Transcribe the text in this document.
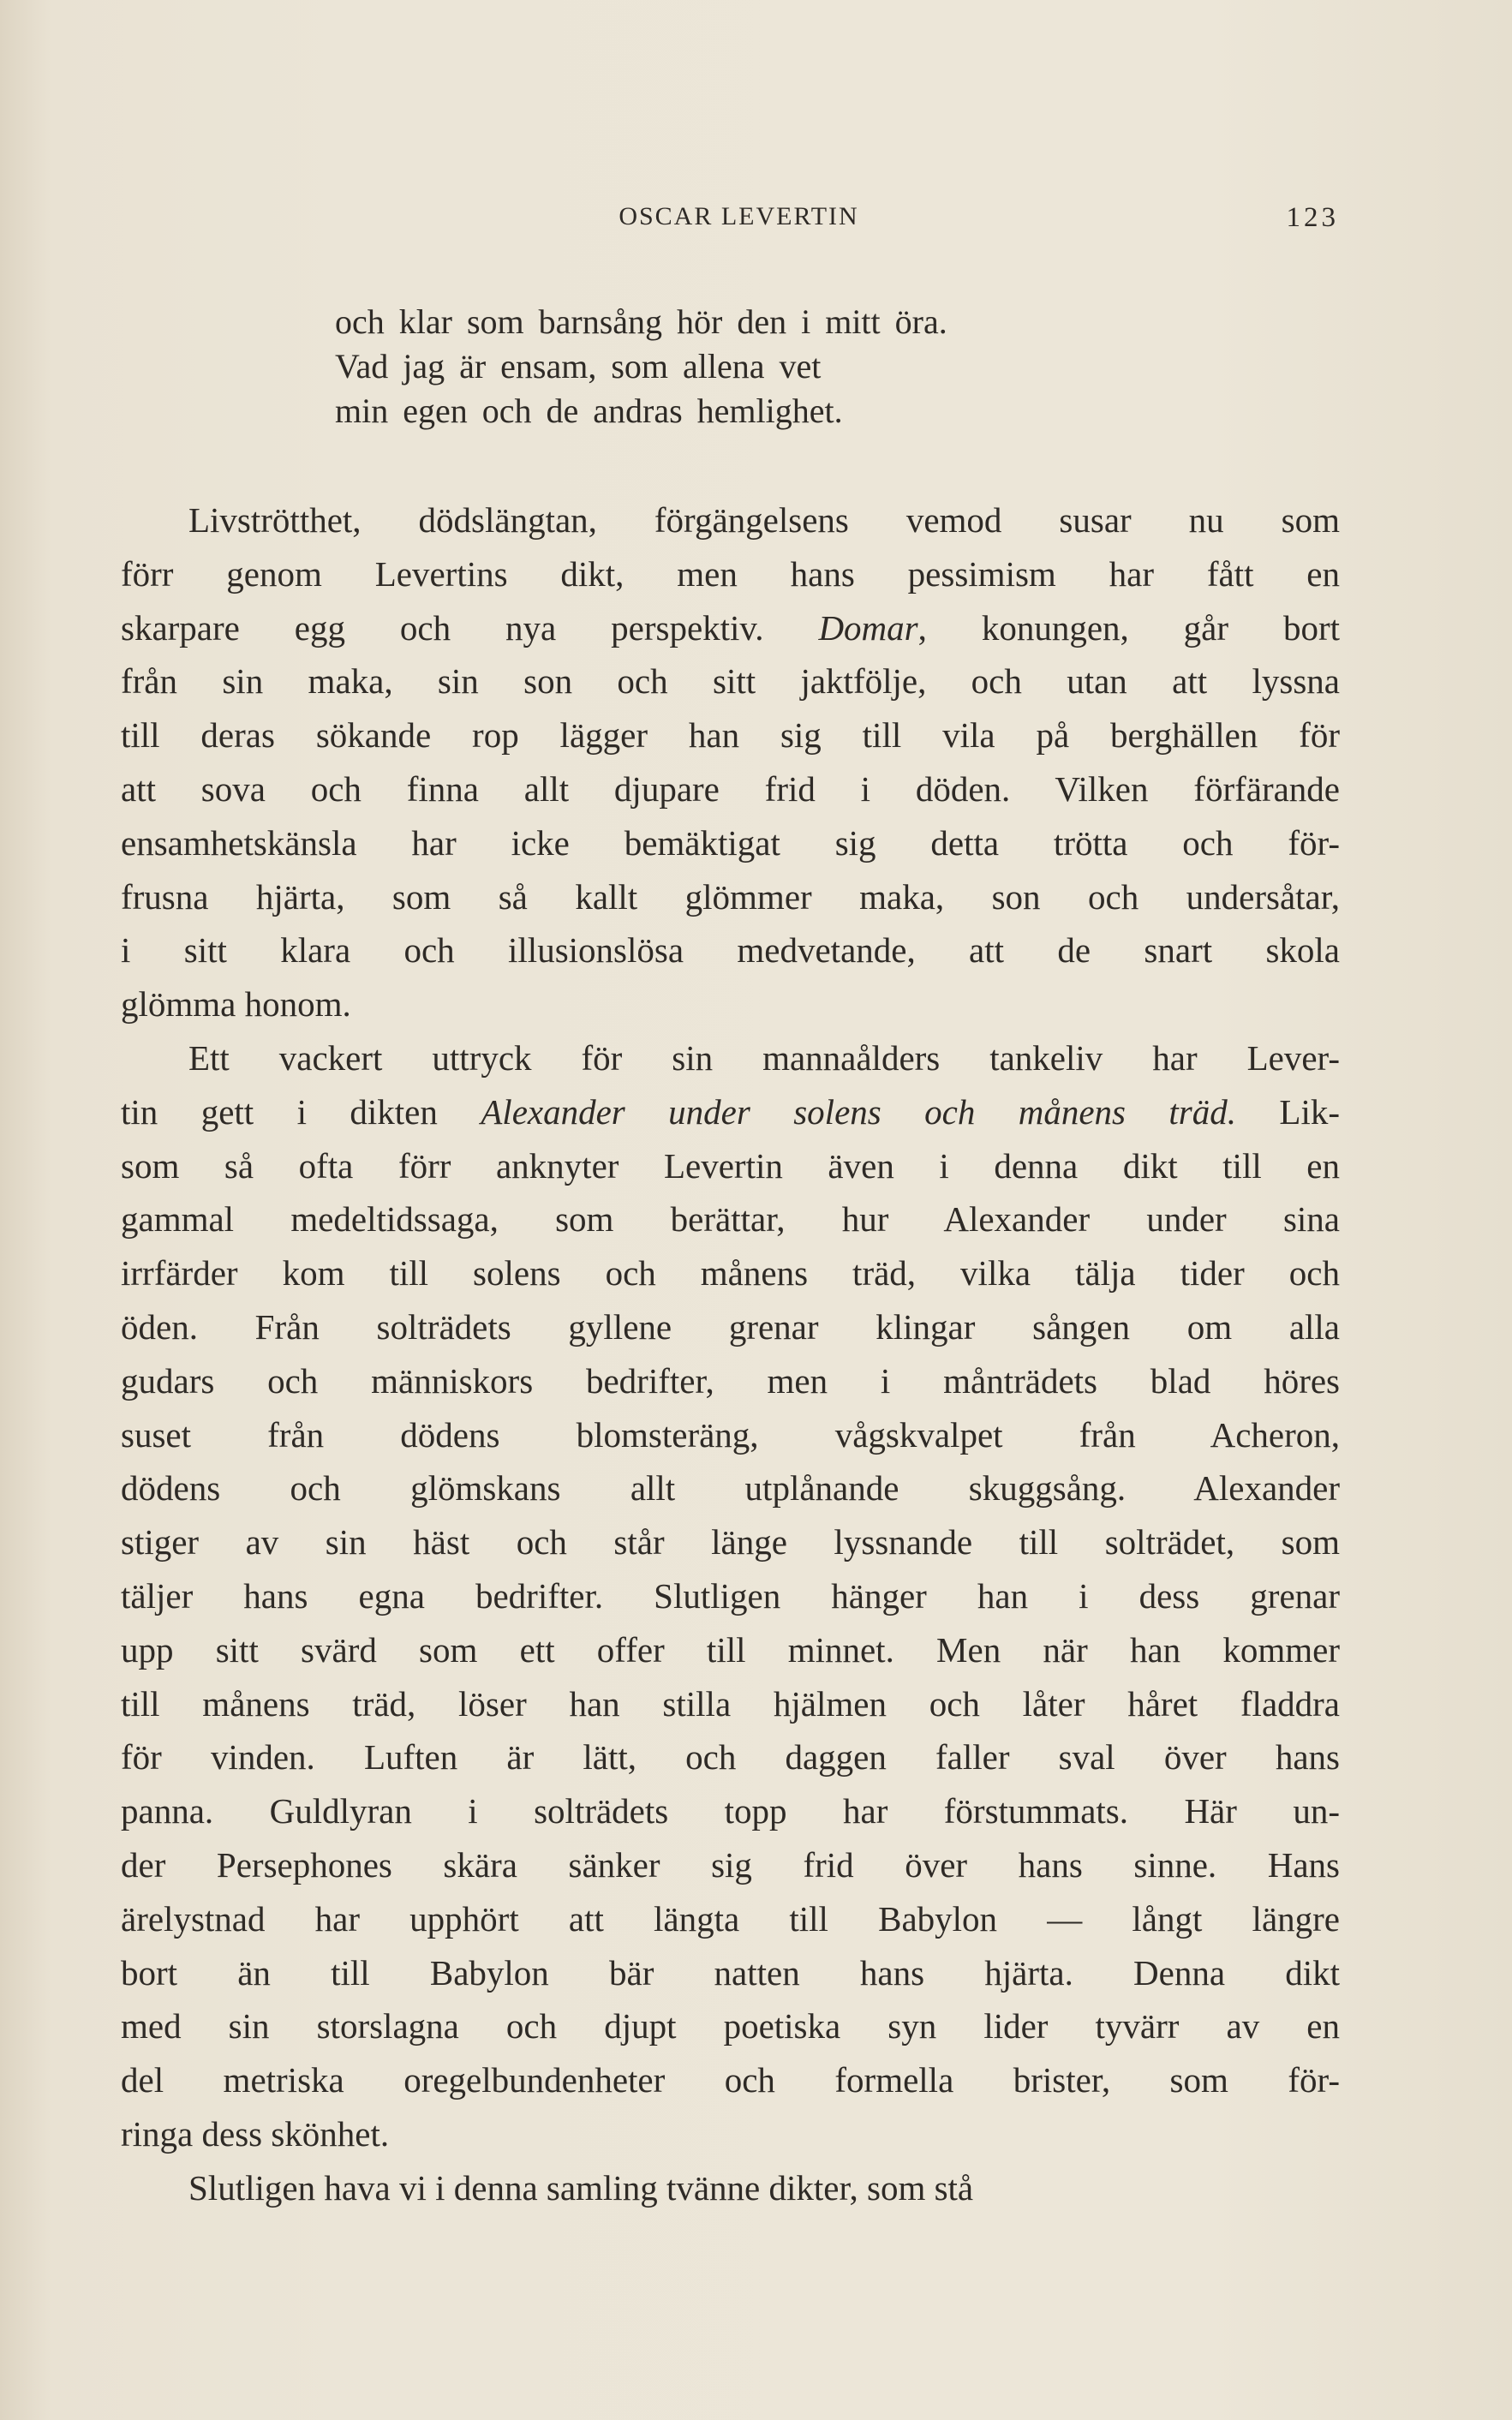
OSCAR LEVERTIN	123
och klar som barnsång hör den i mitt öra.
Vad jag är ensam, som allena vet
min egen och de andras hemlighet.
Livströtthet, dödslängtan, förgängelsens vemod susar nu som
förr genom Levertins dikt, men hans pessimism har fått en
skarpare egg och nya perspektiv. Domar, konungen, går bort
från sin maka, sin son och sitt jaktfölje, och utan att lyssna
till deras sökande rop lägger han sig till vila på berghällen för
att sova och finna allt djupare frid i döden. Vilken förfärande
ensamhetskänsla har icke bemäktigat sig detta trötta och för-
frusna hjärta, som så kallt glömmer maka, son och undersåtar,
i sitt klara och illusionslösa medvetande, att de snart skola
glömma honom.
Ett vackert uttryck för sin mannaålders tankeliv har Lever-
tin gett i dikten Alexander under solens och månens träd. Lik-
som så ofta förr anknyter Levertin även i denna dikt till en
gammal medeltidssaga, som berättar, hur Alexander under sina
irrfärder kom till solens och månens träd, vilka tälja tider och
öden. Från solträdets gyllene grenar klingar sången om alla
gudars och människors bedrifter, men i månträdets blad höres
suset från dödens blomsteräng, vågskvalpet från Acheron,
dödens och glömskans allt utplånande skuggsång. Alexander
stiger av sin häst och står länge lyssnande till solträdet, som
täljer hans egna bedrifter. Slutligen hänger han i dess grenar
upp sitt svärd som ett offer till minnet. Men när han kommer
till månens träd, löser han stilla hjälmen och låter håret fladdra
för vinden. Luften är lätt, och daggen faller sval över hans
panna. Guldlyran i solträdets topp har förstummats. Här un-
der Persephones skära sänker sig frid över hans sinne. Hans
ärelystnad har upphört att längta till Babylon — långt längre
bort än till Babylon bär natten hans hjärta. Denna dikt
med sin storslagna och djupt poetiska syn lider tyvärr av en
del metriska oregelbundenheter och formella brister, som för-
ringa dess skönhet.
Slutligen hava vi i denna samling tvänne dikter, som stå
